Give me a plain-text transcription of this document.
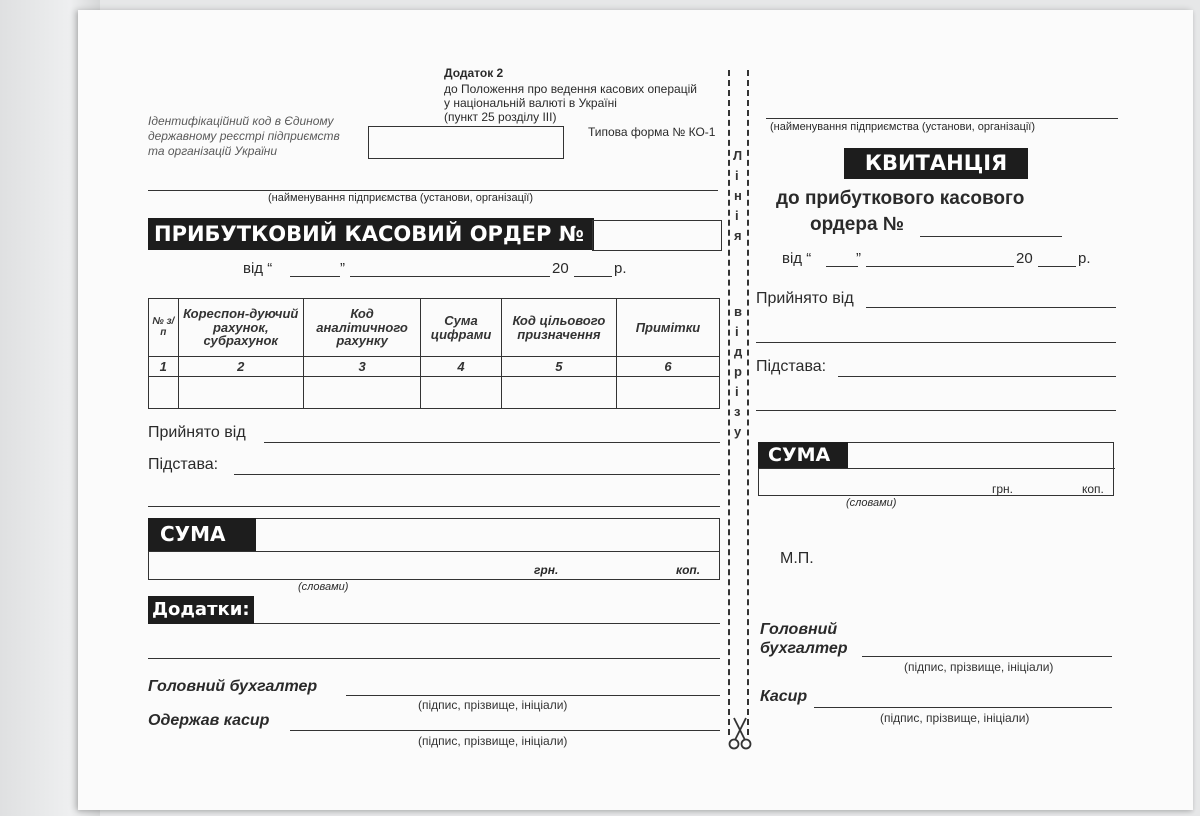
Додаток 2
до Положення про ведення касових операцій
у національній валюті в Україні
(пункт 25 розділу III)
Типова форма № КО-1
Ідентифікаційний код в Єдиному
державному реєстрі підприємств
та організацій України
(найменування підприємства (установи, організації)
ПРИБУТКОВИЙ КАСОВИЙ ОРДЕР №
від “	”	20	р.
№ з/п	Кореспон-дуючий рахунок, субрахунок	Код аналітичного рахунку	Сума цифрами	Код цільового призначення	Примітки
1	2	3	4	5	6

Прийнято від
Підстава:
СУМА
грн.	коп.
(словами)
Додатки:
Головний бухгалтер
(підпис, прізвище, ініціали)
Одержав касир
(підпис, прізвище, ініціали)
Л
і
н
і
я
в
і
д
р
і
з
у
(найменування підприємства (установи, організації)
КВИТАНЦІЯ
до прибуткового касового
ордера №
від “	”	20	р.
Прийнято від
Підстава:
СУМА
грн.	коп.
(словами)
М.П.
Головний
бухгалтер
(підпис, прізвище, ініціали)
Касир
(підпис, прізвище, ініціали)
